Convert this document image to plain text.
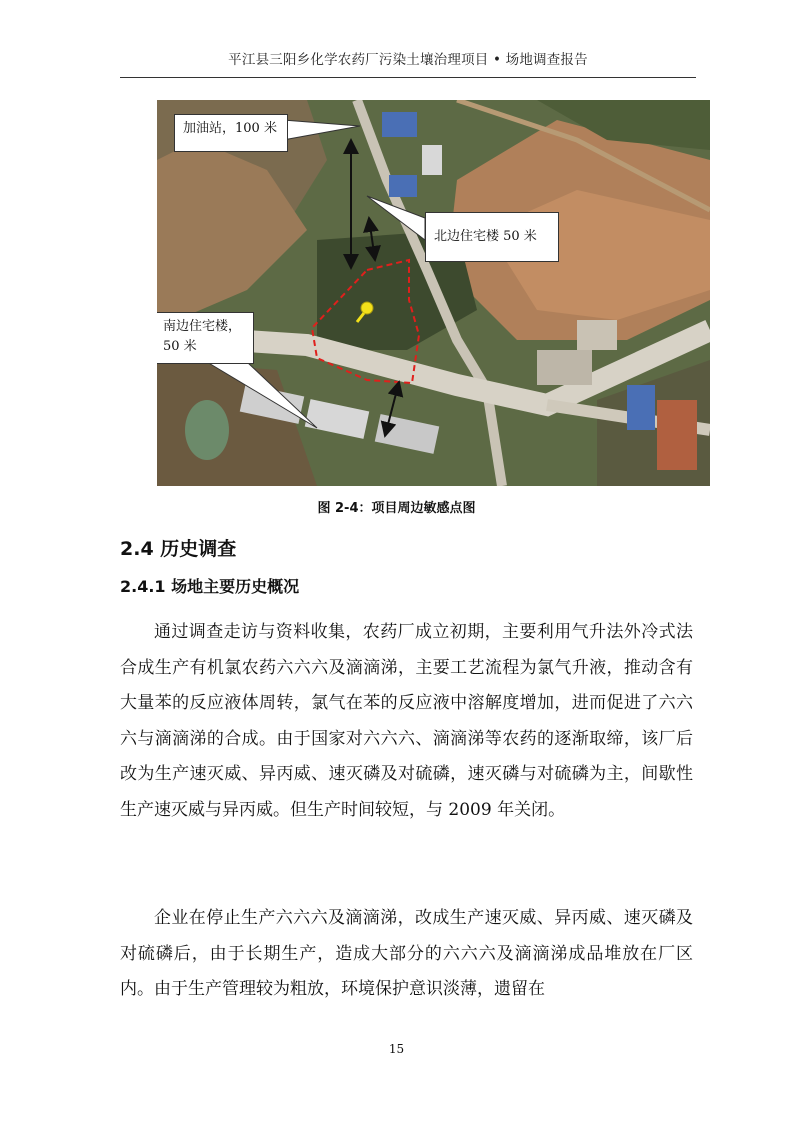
平江县三阳乡化学农药厂污染土壤治理项目 • 场地调查报告
加油站，100 米
北边住宅楼 50 米
南边住宅楼，
50 米
图 2-4：项目周边敏感点图
2.4 历史调查
2.4.1 场地主要历史概况
通过调查走访与资料收集，农药厂成立初期，主要利用气升法外冷式法合成生产有机氯农药六六六及滴滴涕，主要工艺流程为氯气升液，推动含有大量苯的反应液体周转，氯气在苯的反应液中溶解度增加，进而促进了六六六与滴滴涕的合成。由于国家对六六六、滴滴涕等农药的逐渐取缔，该厂后改为生产速灭威、异丙威、速灭磷及对硫磷，速灭磷与对硫磷为主，间歇性生产速灭威与异丙威。但生产时间较短，与 2009 年关闭。
企业在停止生产六六六及滴滴涕，改成生产速灭威、异丙威、速灭磷及对硫磷后，由于长期生产，造成大部分的六六六及滴滴涕成品堆放在厂区内。由于生产管理较为粗放，环境保护意识淡薄，遗留在
15
